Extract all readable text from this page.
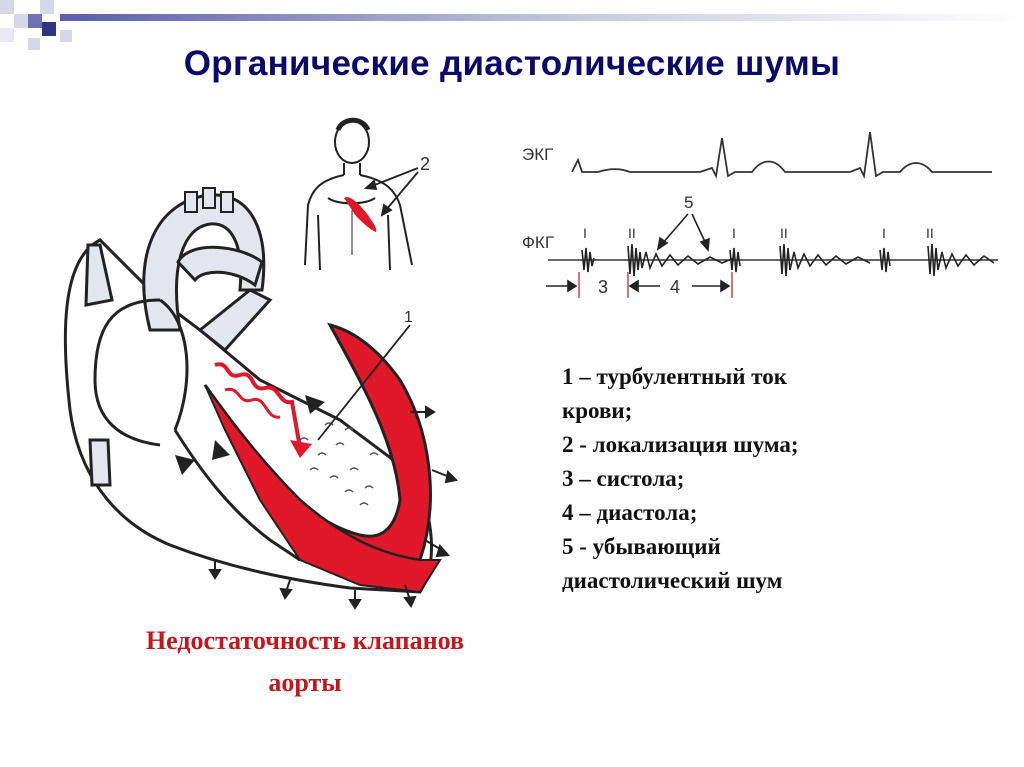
Органические диастолические шумы
1
2	ЭКГ
ФКГ I	II	I	II	I	II
5
3	4
1 – турбулентный ток
крови;
2 - локализация шума;
3 – систола;
4 – диастола;
5 - убывающий
диастолический шум
Недостаточность клапанов
аорты
